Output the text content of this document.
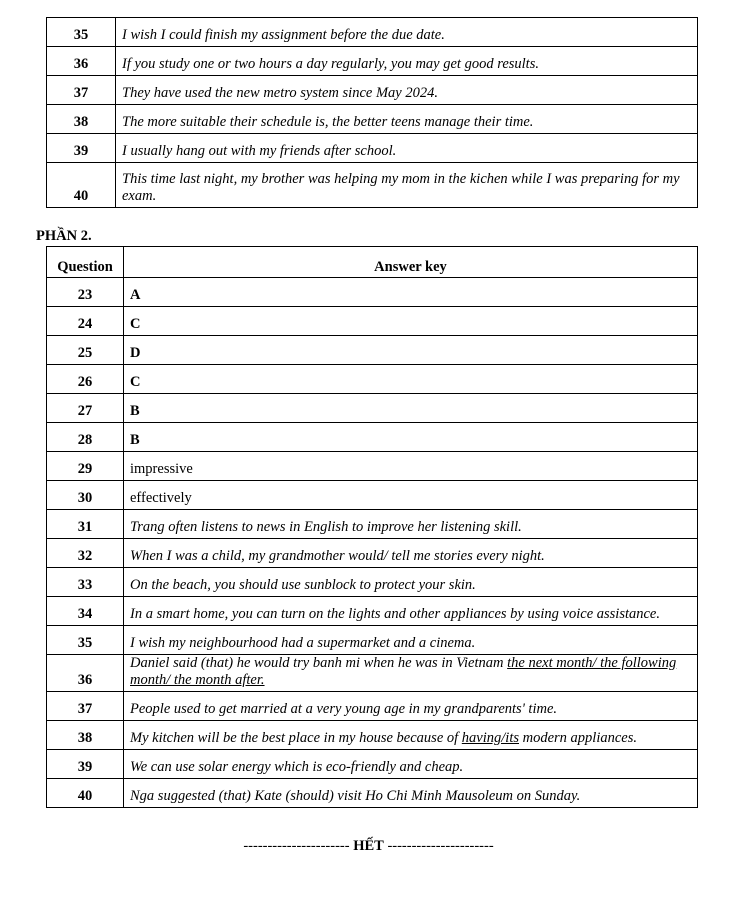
35	I wish I could finish my assignment before the due date.
36	If you study one or two hours a day regularly, you may get good results.
37	They have used the new metro system since May 2024.
38	The more suitable their schedule is, the better teens manage their time.
39	I usually hang out with my friends after school.
40	This time last night, my brother was helping my mom in the kichen while I was preparing for my exam.
PHẦN 2.
Question	Answer key
23	A
24	C
25	D
26	C
27	B
28	B
29	impressive
30	effectively
31	Trang often listens to news in English to improve her listening skill.
32	When I was a child, my grandmother would/ tell me stories every night.
33	On the beach, you should use sunblock to protect your skin.
34	In a smart home, you can turn on the lights and other appliances by using voice assistance.
35	I wish my neighbourhood had a supermarket and a cinema.
36	Daniel said (that) he would try banh mi when he was in Vietnam the next month/ the following month/ the month after.
37	People used to get married at a very young age in my grandparents' time.
38	My kitchen will be the best place in my house because of having/its modern appliances.
39	We can use solar energy which is eco-friendly and cheap.
40	Nga suggested (that) Kate (should) visit Ho Chi Minh Mausoleum on Sunday.
---------------------- HẾT ----------------------
